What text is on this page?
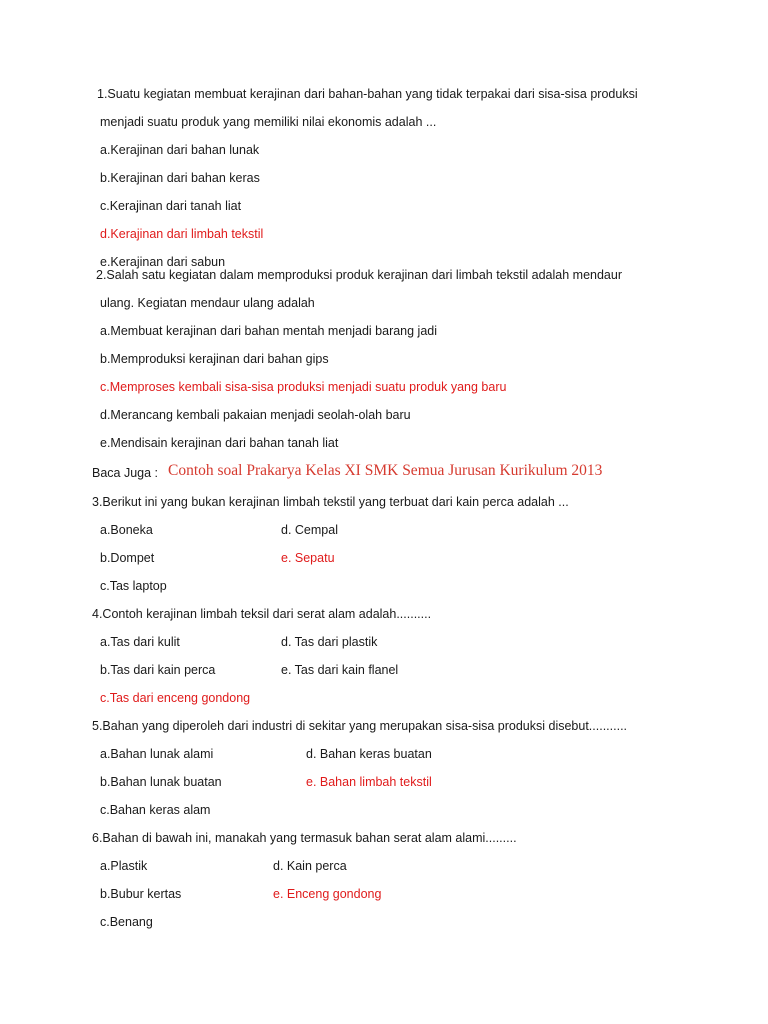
1.Suatu kegiatan membuat kerajinan dari bahan-bahan yang tidak terpakai dari sisa-sisa produksi
menjadi suatu produk yang memiliki nilai ekonomis adalah ...
a.Kerajinan dari bahan lunak
b.Kerajinan dari bahan keras
c.Kerajinan dari tanah liat
d.Kerajinan dari limbah tekstil
e.Kerajinan dari sabun
2.Salah satu kegiatan dalam memproduksi produk kerajinan dari limbah tekstil adalah mendaur
ulang. Kegiatan mendaur ulang adalah
a.Membuat kerajinan dari bahan mentah menjadi barang jadi
b.Memproduksi kerajinan dari bahan gips
c.Memproses kembali sisa-sisa produksi menjadi suatu produk yang baru
d.Merancang kembali pakaian menjadi seolah-olah baru
e.Mendisain kerajinan dari bahan tanah liat
Baca Juga : Contoh soal Prakarya Kelas XI SMK Semua Jurusan Kurikulum 2013
3.Berikut ini yang bukan kerajinan limbah tekstil yang terbuat dari kain perca adalah ...
a.Boneka	d. Cempal
b.Dompet	e. Sepatu
c.Tas laptop
4.Contoh kerajinan limbah teksil dari serat alam adalah..........
a.Tas dari kulit	d. Tas dari plastik
b.Tas dari kain perca	e. Tas dari kain flanel
c.Tas dari enceng gondong
5.Bahan yang diperoleh dari industri di sekitar yang merupakan sisa-sisa produksi disebut...........
a.Bahan lunak alami	d. Bahan keras buatan
b.Bahan lunak buatan	e. Bahan limbah tekstil
c.Bahan keras alam
6.Bahan di bawah ini, manakah yang termasuk bahan serat alam alami.........
a.Plastik	d. Kain perca
b.Bubur kertas	e. Enceng gondong
c.Benang
